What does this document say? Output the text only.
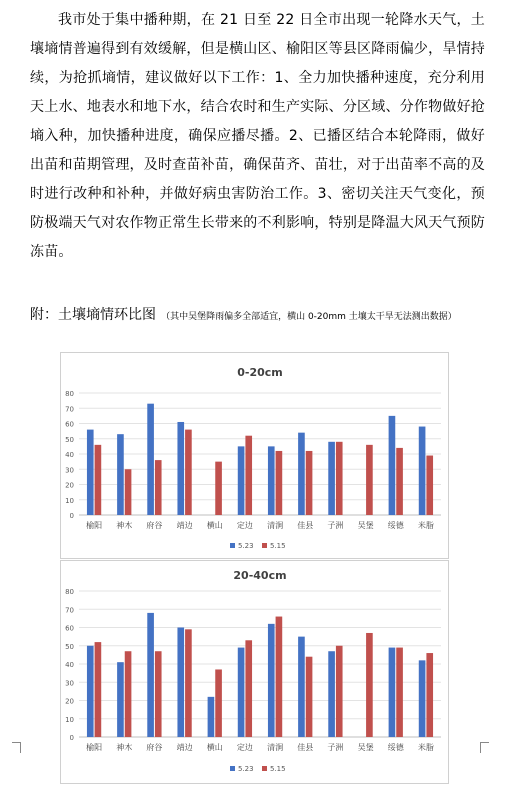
我市处于集中播种期，在 21 日至 22 日全市出现一轮降水天气，土壤墒情普遍得到有效缓解，但是横山区、榆阳区等县区降雨偏少，旱情持续，为抢抓墒情，建议做好以下工作：1、全力加快播种速度，充分利用天上水、地表水和地下水，结合农时和生产实际、分区域、分作物做好抢墒入种，加快播种进度，确保应播尽播。2、已播区结合本轮降雨，做好出苗和苗期管理，及时查苗补苗，确保苗齐、苗壮，对于出苗率不高的及时进行改种和补种，并做好病虫害防治工作。3、密切关注天气变化，预防极端天气对农作物正常生长带来的不利影响，特别是降温大风天气预防冻苗。

附：土壤墒情环比图 （其中吴堡降雨偏多全部适宜，横山 0-20mm 土壤太干旱无法测出数据）
0-20cm
0
10
20
30
40
50
60
70
80
榆阳 神木 府谷 靖边 横山 定边 清涧 佳县 子洲 吴堡 绥德 米脂
5.23 5.15
20-40cm
0
10
20
30
40
50
60
70
80
榆阳 神木 府谷 靖边 横山 定边 清涧 佳县 子洲 吴堡 绥德 米脂
5.23 5.15
